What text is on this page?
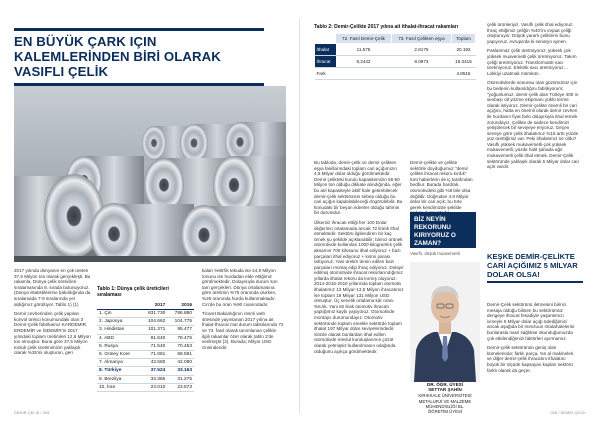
EN BÜYÜK ÇARK IÇIN KALEMLERİNDEN BİRİ OLARAK VASIFLI ÇELİK

2017 yılında dünyanın en çok üreten 37,5 Milyon ton olarak gerçekleşti. Bu rakamla, Dünya çelik üreticileri sıralamasında 8. sırada bulunuyoruz. (Dünya istatistiklerine bakıldığında da sıralamada 7-9 sıralarında yer aldığımız görülüyor. Tablo 1) (1)

Demir cevherinden çelik yapılan konvol üretici konumundaki olan 3 Demir-Çelik fabrikamız KARDEMİR, ERDEMİR ve İSDEMİR'in 2017 yılındaki toplam üretimleri 12,6 Milyon ton olmuştur. Buna göre 37,5 Milyon tonluk çelik üretimimizin yaklaşık olarak %35'ini oluşturan, geri

Tablo 1: Dünya çelik üreticileri sıralaması
	2017	2016
1. Çin	831.730	786.880
2. Japonya	104.662	104.775
3. Hindistan	101.371	95.477
4. ABD	81.640	78.475
5. Rusya	71.540	70.453
6. Güney Kore	71.081	68.581
7. Almanya	43.580	42.080
8. Türkiye	37.524	33.163
9. Brezilya	34.365	31.275
10. İran	24.010	23.573

kalan %65'lik tekuda ise 24,9 Milyon tonunu ise hurdadan elde ettiğimiz görülmektedir. Dolayısıyla durum son tam gerçekleri. Dünya ortalamasına göre üretimin %75 oranında olurken, %25 oranında hurda kullanmaktadır. Cin'de bu oran %90 civarındadır.

Ticaret Bakanlığının resmi web sitesinde yayınlanan 2017 yılına ait İhalat-İhracat mal durum tablolarında 72 ve 73. fasıl olarak tanımlanan çelikle ilgili rakamlar özet olarak tablo 2'de verilmiştir (2). Burada; Milyar USD cinsindendir.

Tablo 2: Demir-Çelikte 2017 yılına ait ithalat-ihracat rakamları
	72. Fasıl Demir-Çelik	73. Fasıl Çelikten eşya	Toplam
İthalat	11.575	2.8175	20.193
İhracat	9,2442	8.0973	15.3415
Fark			4.8515

Bu tabloda, demir-çelik ve demir çelikten eşya fasıllarındaki toplam cari açığımızın 4,8 Milyar dolar olduğu görülmektedir. Demir çelikteki kurulu kapasitemizin 55-60 Milyon ton olduğu dikkate alındığında, eğer bu atıl kapasiteyle aktif hale getirebilecek demir-çelik sektörünün sebep olduğu bu cari açığın kapatılabileceği öngörülebilir. Bu konudaki bir beyan edenler olduğu tahmin bir durumdur.

Ülkemiz ihracatı ettiği her 100 Dolar değerinin ortalamada ancak 72 liralık ithal etmektedir. Sektörü ilgilendiren bir kaç örnek şu şekilde açıklanabilir; birinci ürünek otomotivde kullanılan 1000 kilogramlık çelik aksamın 700 kilosunu ithal ediyoruz + bazı parçaları ithal ediyoruz + kısmi parası ödüyoruz. Yani üretim temin edilen bazı parçaları montaj edip ihraç ediyoruz. Dolayıl edilmiş otomotivde ihracat rekorlarındığımız yıllarda ithalat rekoru da kırmış oluyoruz. 2014-2015-2016 yıllarında toplam otomotiv ithalatımız 13 Milyar-13,5 Milyon ihracatımız ise toplam 18 Milyar 131 Milyon USD olmuştur. Üç senelik ortalama kâr oranı %8,lık. Yani 82 lirak otomotiv ihracatı yaptığımız kaybı yaşıyoruz. Otomotivde montajcı durumundayız. Otomotiv sektöründe toplam emekle sektörde toplam ithalat 197 Milyar dolar seviyelerindedir. Sözde olarak bunlardan ithal edilen otomotivde mevlul kuruluşlarımın çözüt olarak yetmişsiz kullanılmanın odağında olduğunu açıkça görülmektedir.

Demir-çelikte ve çelikte sektörle doyduğumuz "demir çelikte ihracat rekoru kırdık" türü haberlerin de iç tarafından bedbur. Burada hardrak, otomotivdeki gibi %8 bile olsa değildir. Doğrudan 4,8 Milyar dolar bir cari açık; bu türe gerek kendimizde şekilde

BİZ NEYİN REKORUNU KIRIYORUZ O ZAMAN?
Vasıflı, düşük muavemetli
DR. ÖĞR. ÜYESİ
SETTAR ŞAHİN
KIRIKKALE ÜNİVERSİTESİ
METALURJİ VE MALZEME
MÜHENDİSLİĞİ BL.
ÖĞRETİM ÜYESİ

çelik ürünleriyiz. Vasıflı çelik ithal ediyoruz. İhraç ettiğimiz çeliğin %40'ını inşaat çeliği oluşturuyor. Düşük yararlı çeliklerin bunu yapıyoruz. Avrupa'da ki senaryo aynen.

Paslanmaz çelik üretmiyoruz, yüksek çok yüksek muavemetli çelik üretmiyoruz. Takım çeliği üretmiyoruz. Transformatör sacı üretmiyoruz. Elektrik sacı üretmiyoruz… Lokkiyi uzatmak mümkün.

Otomotivlerde sonunsu olan güzümünüz için bu bedenin kullanıldığını fabrikyorum; "yoğunlumuz, demir-çelik alan Türkiye 400 m sevbaşı otl yüzme ekipmanı yüklü terme olarak istiyoruz. Demir-çelikte önemli bir cari açığını, hatta en önemli olarak demir cevheri ile hurdanın fiyat farkı dolayısıyla ithal etmek zorundayız. Çelikte de sadece kendimizi yetiştirecek bir seviyeye eriyoruz. Geçen seneye göre çelik ithalatımız %15 arttı yüzde yüz ürettiğimiz var. Peki ithalatımız ne oldu? Vasıflı yüksek mukavemetli-çok yüksek mukavemetli, yüzde halit şahada ağır mukavemetli çelik ithal etmek. Demir-Çelik sektöründe yaklaşık olarak 5 Milyar dolar cari açık vardır.

KEŞKE DEMİR-ÇELİKTE CARİ AÇIĞIMIZ 5 MİLYAR DOLAR OLSA!

Demir-Çelik sektörünü iletmesini birinci mesaja olduğu bilinen bu sektörümüz dengeye ihracat fesadiyle yaşantımızı ivmeyle 5 Milyar dolar açığı ödediğimizi ancak aşağıda bir mevzuun müdahalelerini bunlarasla nasıl sağlıklar okunduğumuzda çok etkilendiğimizi faktörleri ayırmamız.

Demir-çelik sektörünün geniş olan kümelerinde; farklı parça, %s al makineleri ve diğer demir-çelik ihracatını ithalatını büyük bir ölçüde kapsayan kapları sektörü farklı olarak da geçer.

DEMİR-ÇELİK / 006	006 / DEMİR-ÇELİK
